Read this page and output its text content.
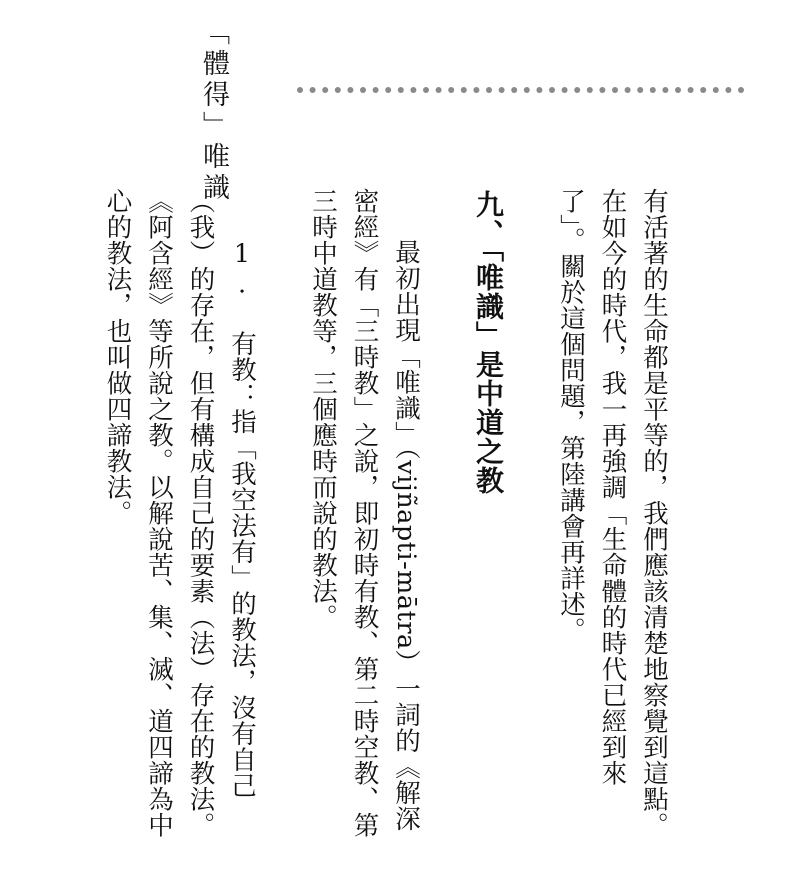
「體得」唯識

有活著的生命都是平等的，我們應該清楚地察覺到這點。在如今的時代，我一再強調「生命體的時代已經到來了」。關於這個問題，第陸講會再詳述。

九、「唯識」是中道之教

最初出現「唯識」（vijñapti-mātra）一詞的《解深密經》有「三時教」之說，即初時有教、第二時空教、第三時中道教等，三個應時而說的教法。

1. 有教：指「我空法有」的教法，沒有自己（我）的存在，但有構成自己的要素（法）存在的教法。《阿含經》等所說之教。以解說苦、集、滅、道四諦為中心的教法，也叫做四諦教法。
